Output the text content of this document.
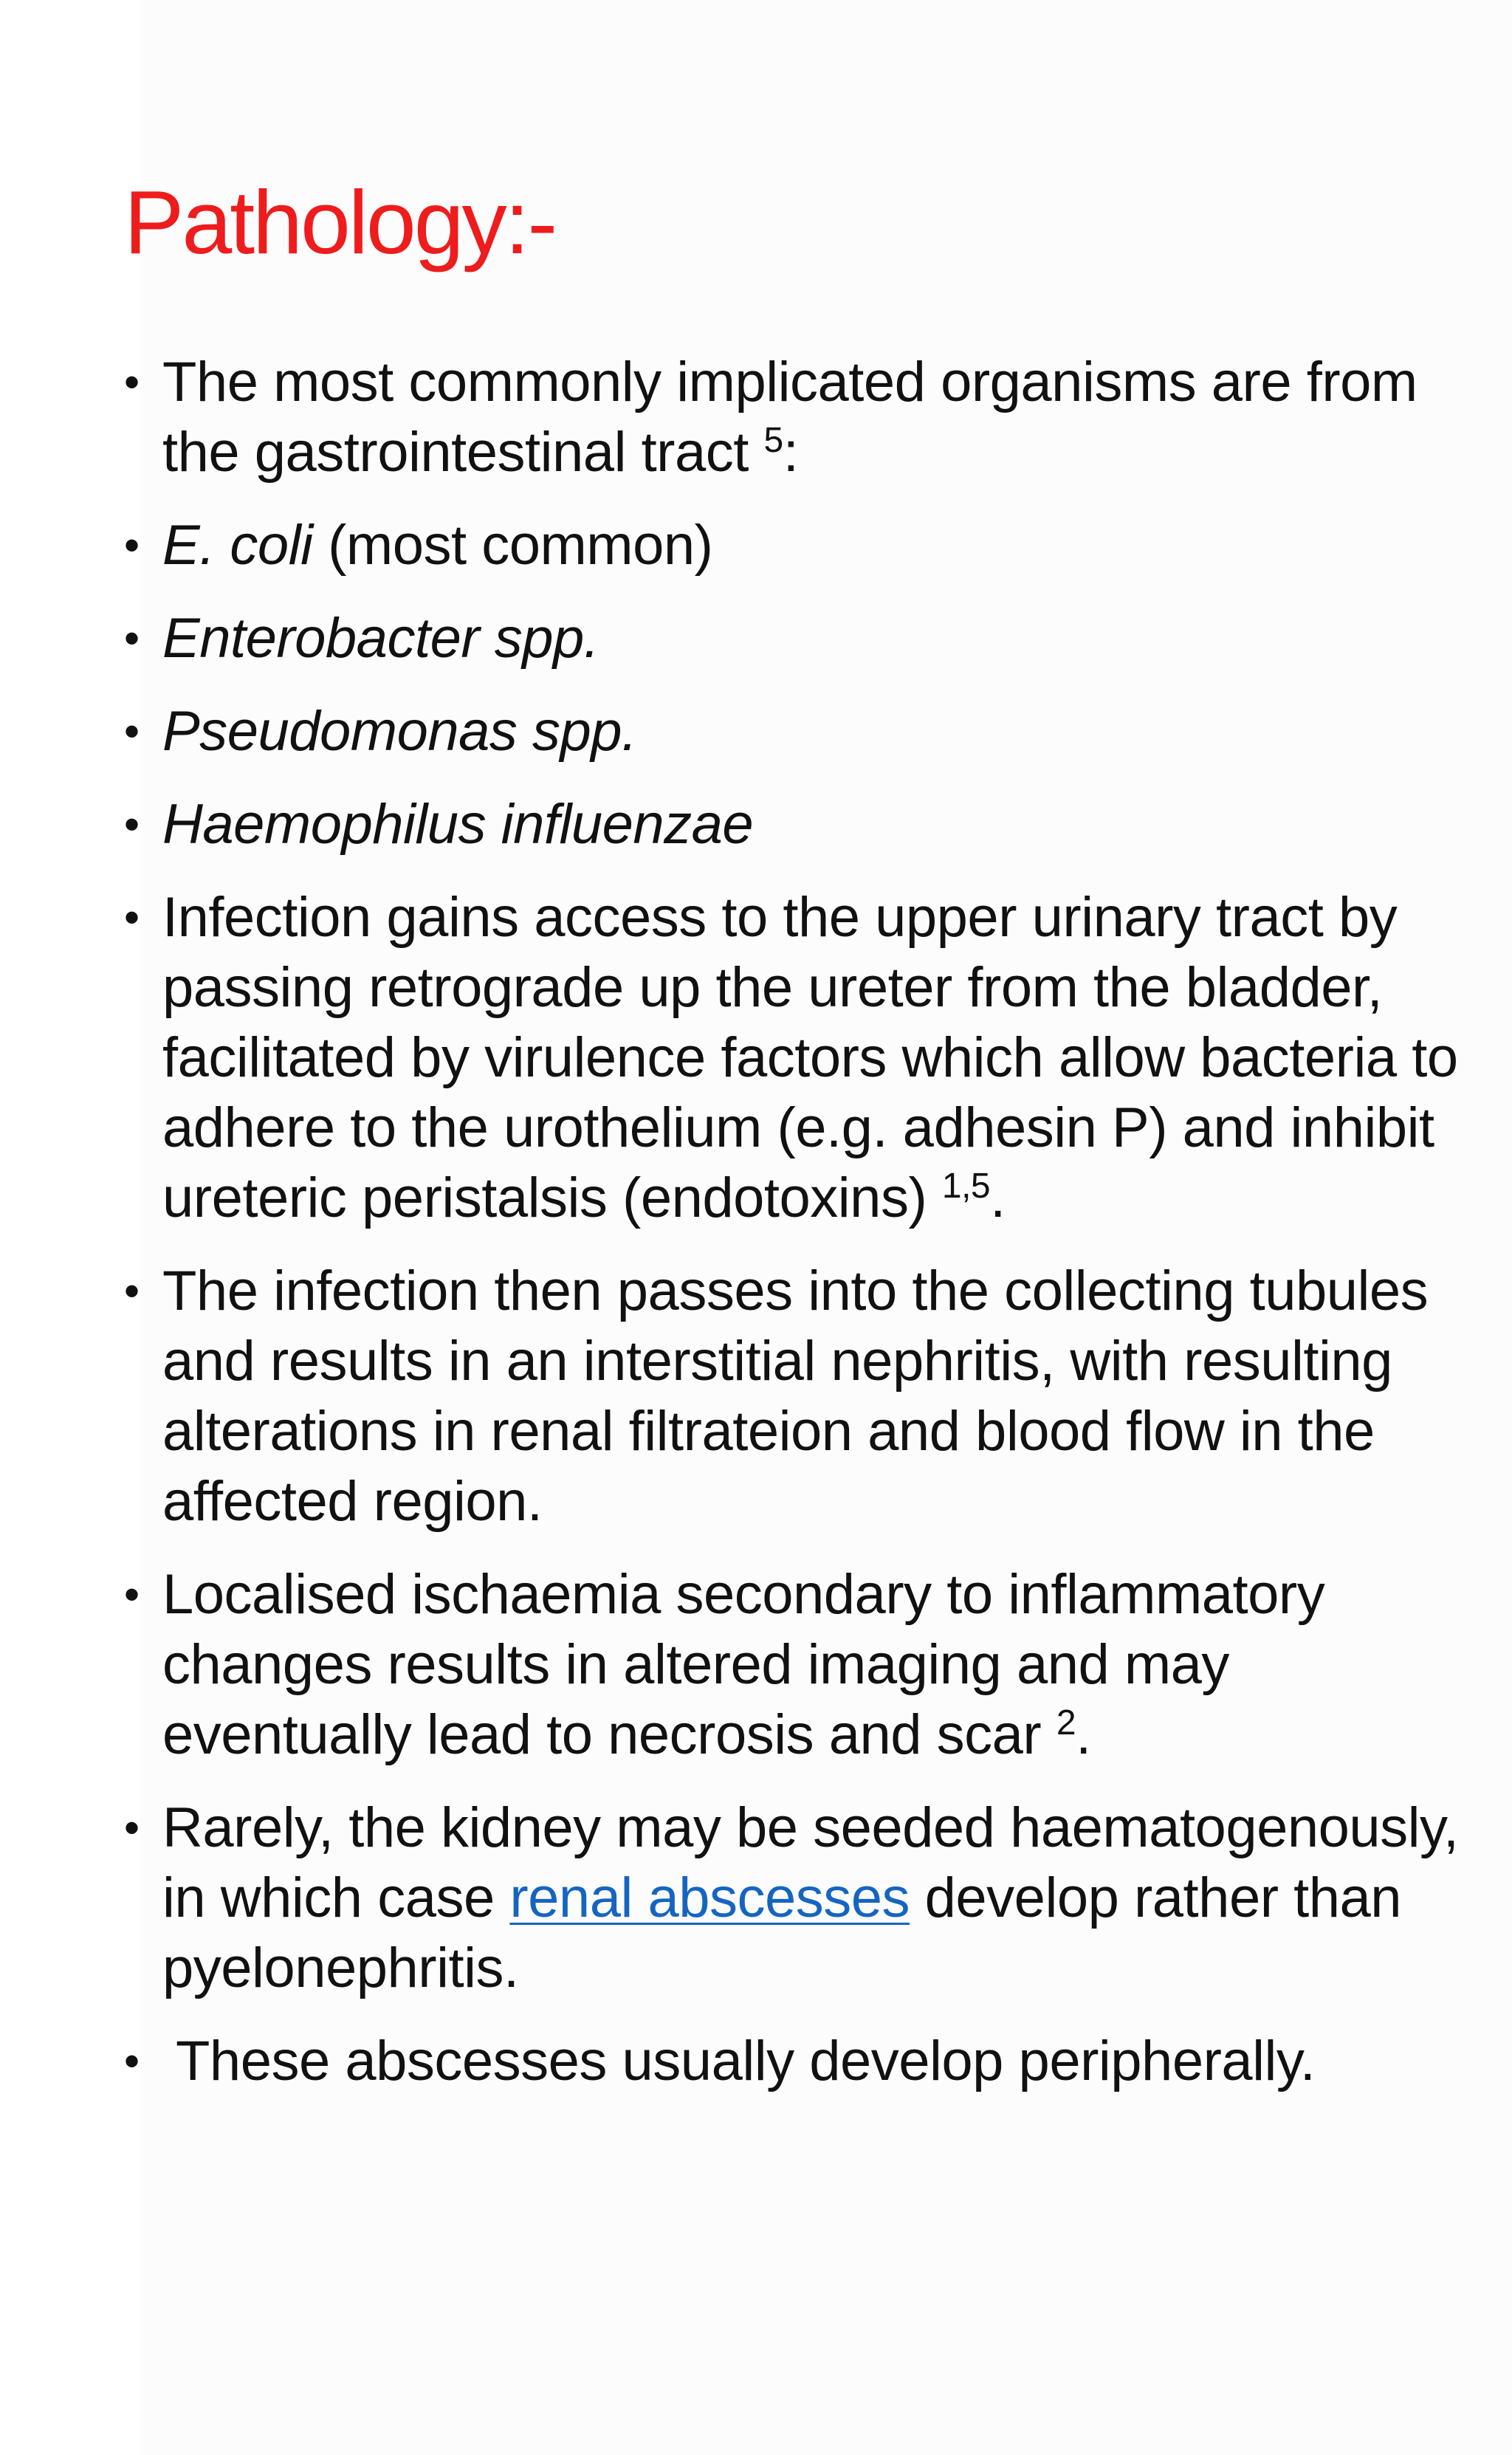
Pathology:-
• The most commonly implicated organisms are from the gastrointestinal tract $^5$:
• E. coli (most common)
• Enterobacter spp.
• Pseudomonas spp.
• Haemophilus influenzae
• Infection gains access to the upper urinary tract by passing retrograde up the ureter from the bladder, facilitated by virulence factors which allow bacteria to adhere to the urothelium (e.g. adhesin P) and inhibit ureteric peristalsis (endotoxins) $^{1,5}$.
• The infection then passes into the collecting tubules and results in an interstitial nephritis, with resulting alterations in renal filtrateion and blood flow in the affected region.
• Localised ischaemia secondary to inflammatory changes results in altered imaging and may eventually lead to necrosis and scar $^2$.
• Rarely, the kidney may be seeded haematogenously, in which case renal abscesses develop rather than pyelonephritis.
• These abscesses usually develop peripherally.
